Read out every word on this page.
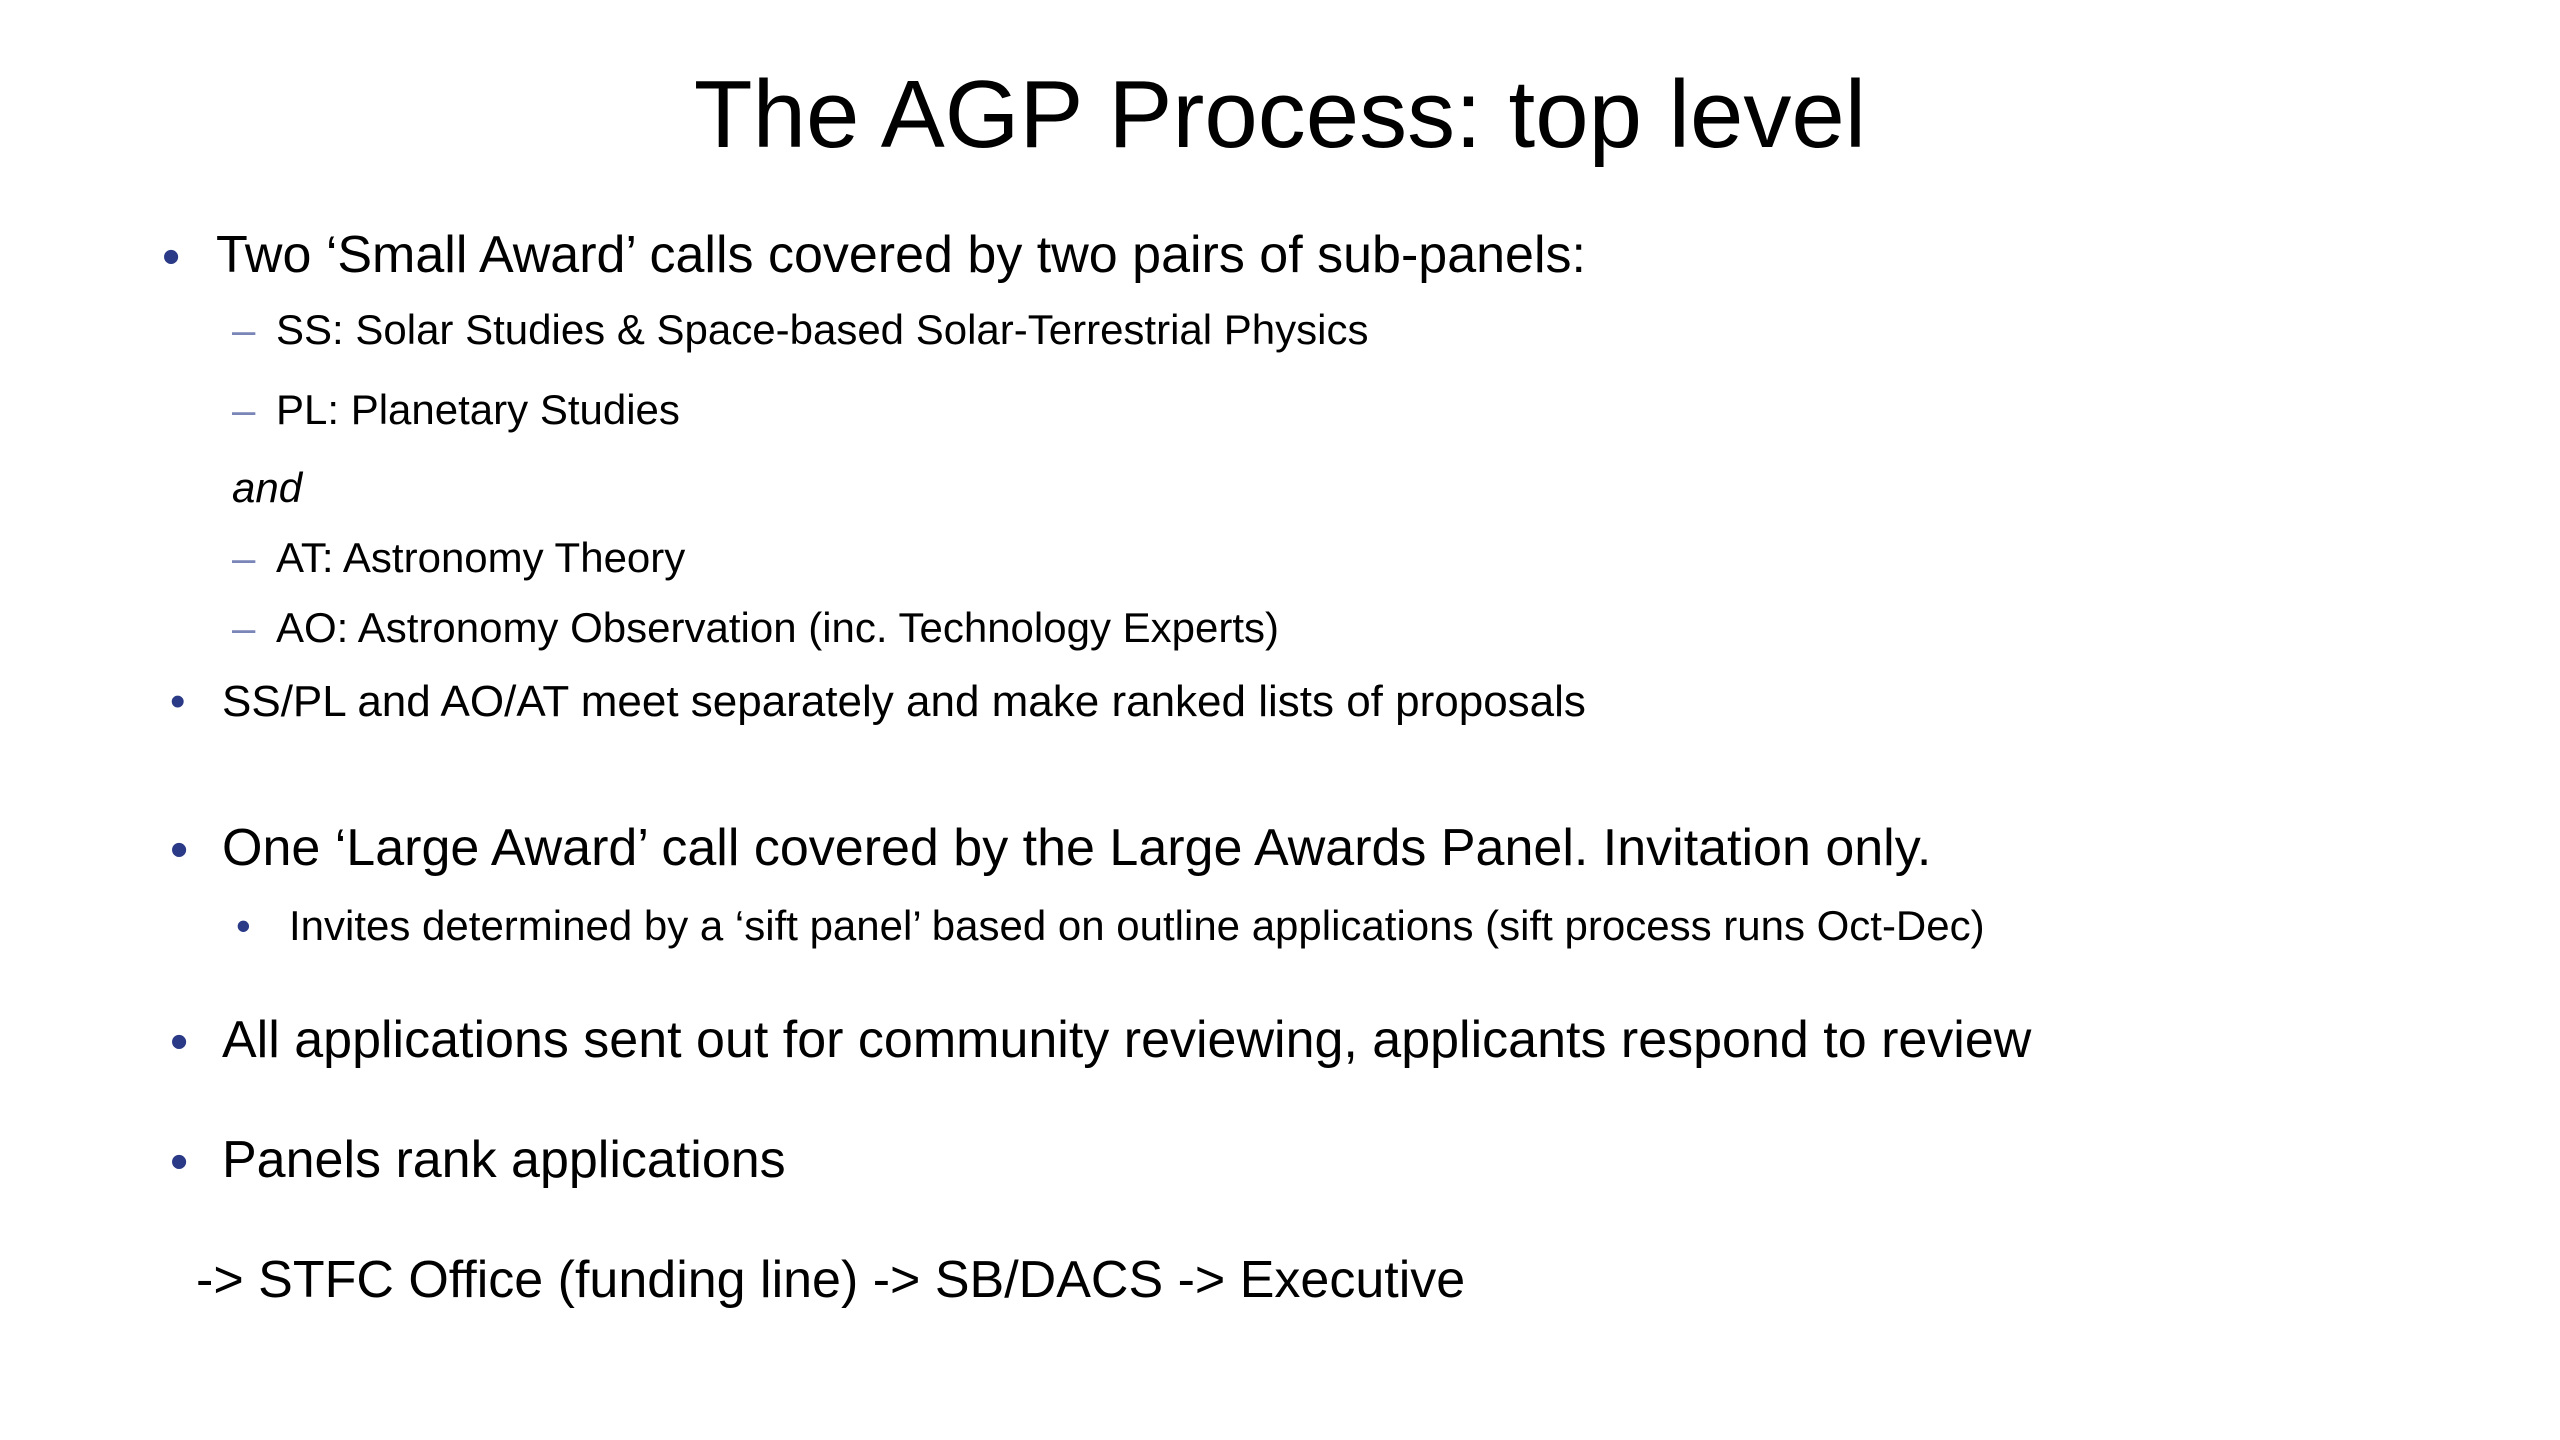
The AGP Process: top level
• Two ‘Small Award’ calls covered by two pairs of sub-panels:
– SS: Solar Studies & Space-based Solar-Terrestrial Physics
– PL: Planetary Studies
and
– AT: Astronomy Theory
– AO: Astronomy Observation (inc. Technology Experts)
• SS/PL and AO/AT meet separately and make ranked lists of proposals
• One ‘Large Award’ call covered by the Large Awards Panel. Invitation only.
• Invites determined by a ‘sift panel’ based on outline applications (sift process runs Oct-Dec)
• All applications sent out for community reviewing, applicants respond to review
• Panels rank applications
-> STFC Office (funding line) -> SB/DACS -> Executive
